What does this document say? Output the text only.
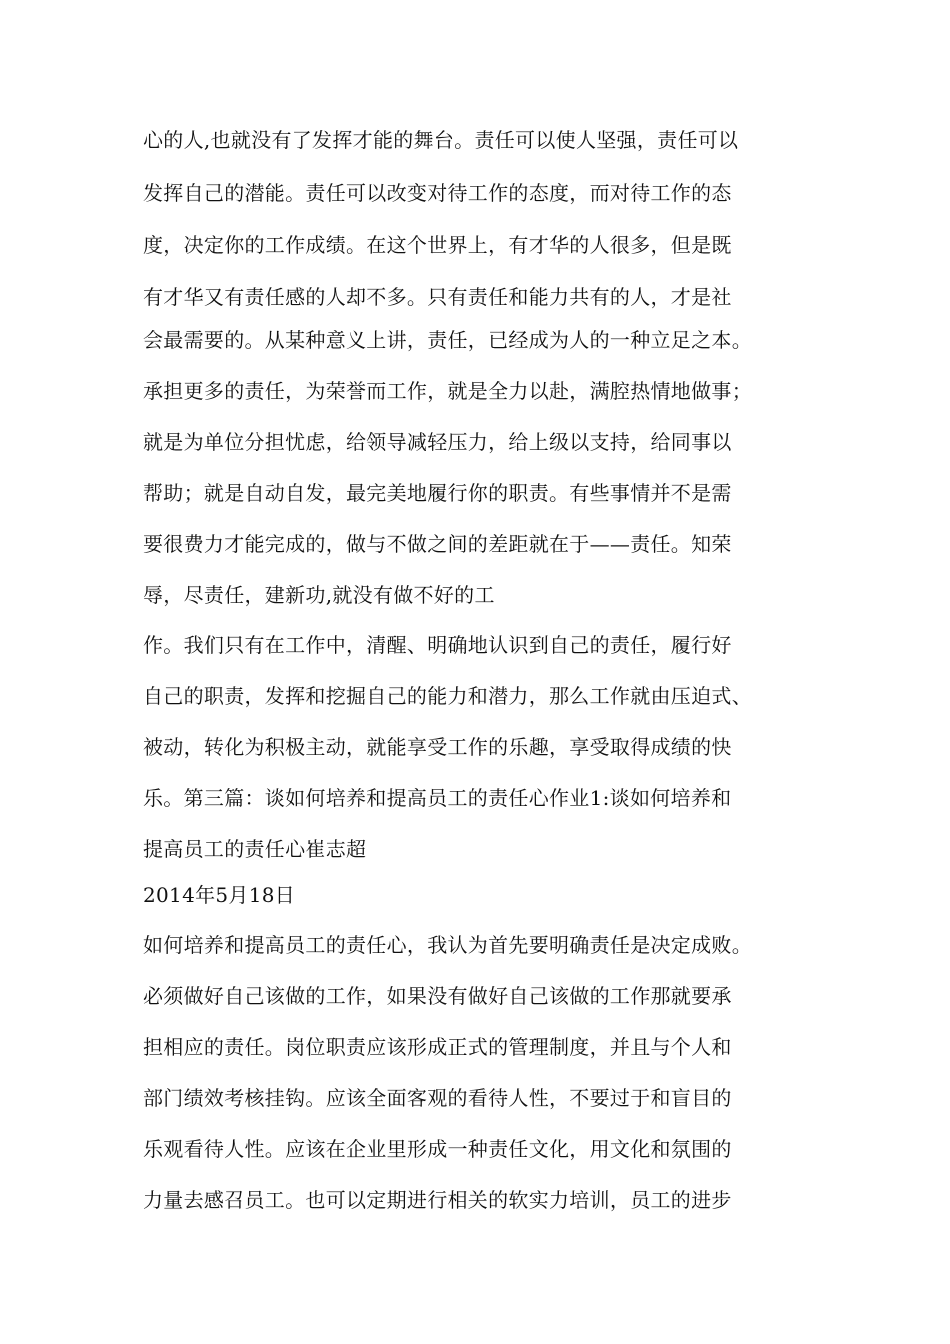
心的人,也就没有了发挥才能的舞台。责任可以使人坚强，责任可以
发挥自己的潜能。责任可以改变对待工作的态度，而对待工作的态
度，决定你的工作成绩。在这个世界上，有才华的人很多，但是既
有才华又有责任感的人却不多。只有责任和能力共有的人，才是社
会最需要的。从某种意义上讲，责任，已经成为人的一种立足之本。
承担更多的责任，为荣誉而工作，就是全力以赴，满腔热情地做事；
就是为单位分担忧虑，给领导减轻压力，给上级以支持，给同事以
帮助；就是自动自发，最完美地履行你的职责。有些事情并不是需
要很费力才能完成的，做与不做之间的差距就在于——责任。知荣
辱，尽责任，建新功,就没有做不好的工
作。我们只有在工作中，清醒、明确地认识到自己的责任，履行好
自己的职责，发挥和挖掘自己的能力和潜力，那么工作就由压迫式、
被动，转化为积极主动，就能享受工作的乐趣，享受取得成绩的快
乐。第三篇：谈如何培养和提高员工的责任心作业1:谈如何培养和
提高员工的责任心崔志超
2014年5月18日
如何培养和提高员工的责任心，我认为首先要明确责任是决定成败。
必须做好自己该做的工作，如果没有做好自己该做的工作那就要承
担相应的责任。岗位职责应该形成正式的管理制度，并且与个人和
部门绩效考核挂钩。应该全面客观的看待人性，不要过于和盲目的
乐观看待人性。应该在企业里形成一种责任文化，用文化和氛围的
力量去感召员工。也可以定期进行相关的软实力培训，员工的进步
